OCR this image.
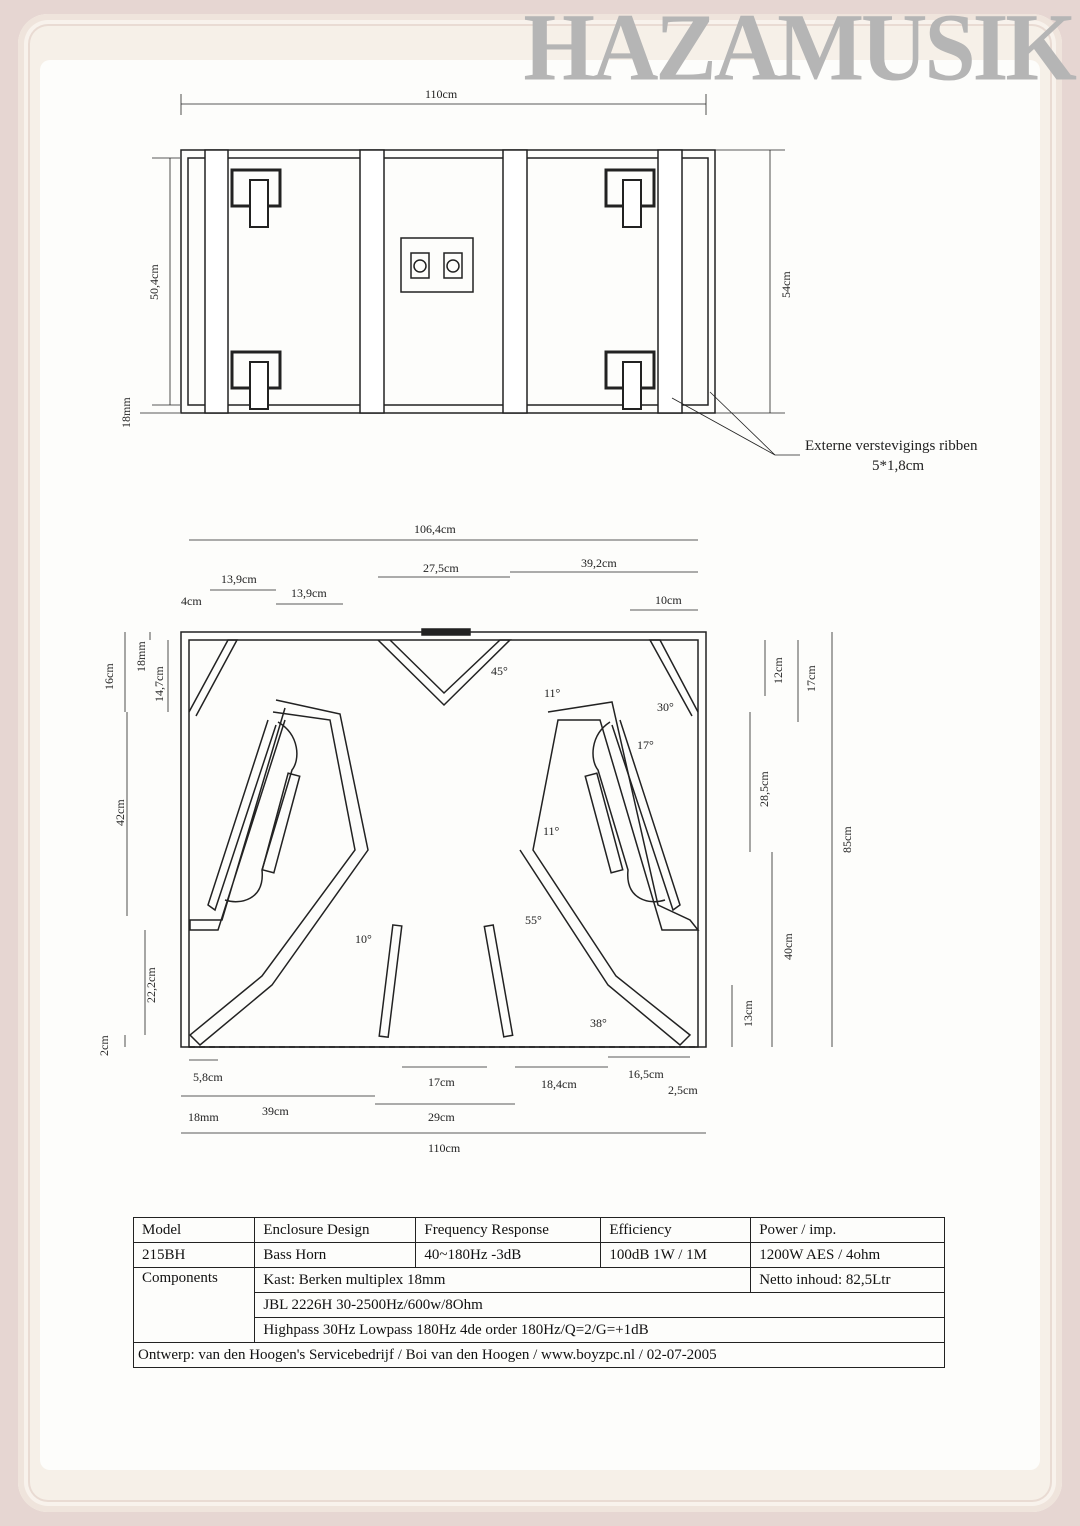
HAZAMUSIK
110cm
50,4cm
18mm
54cm
Externe verstevigings ribben
5*1,8cm
106,4cm
13,9cm
13,9cm
27,5cm	39,2cm
4cm	10cm
16cm
18mm
14,7cm	12cm 17cm
45°
11°
30°
17°
11°
28,5cm
42cm
85cm
55°
10°
22,2cm
40cm
13cm
38°
2cm
5,8cm	17cm	18,4cm
16,5cm
2,5cm
18mm	39cm	29cm
110cm
Model	Enclosure Design	Frequency Response	Efficiency	Power / imp.
215BH	Bass Horn	40~180Hz -3dB	100dB 1W / 1M	1200W AES / 4ohm
Components	Kast: Berken multiplex 18mm			Netto inhoud: 82,5Ltr
	JBL 2226H 30-2500Hz/600w/8Ohm			
	Highpass 30Hz Lowpass 180Hz 4de order 180Hz/Q=2/G=+1dB			
Ontwerp: van den Hoogen's Servicebedrijf / Boi van den Hoogen / www.boyzpc.nl / 02-07-2005				
